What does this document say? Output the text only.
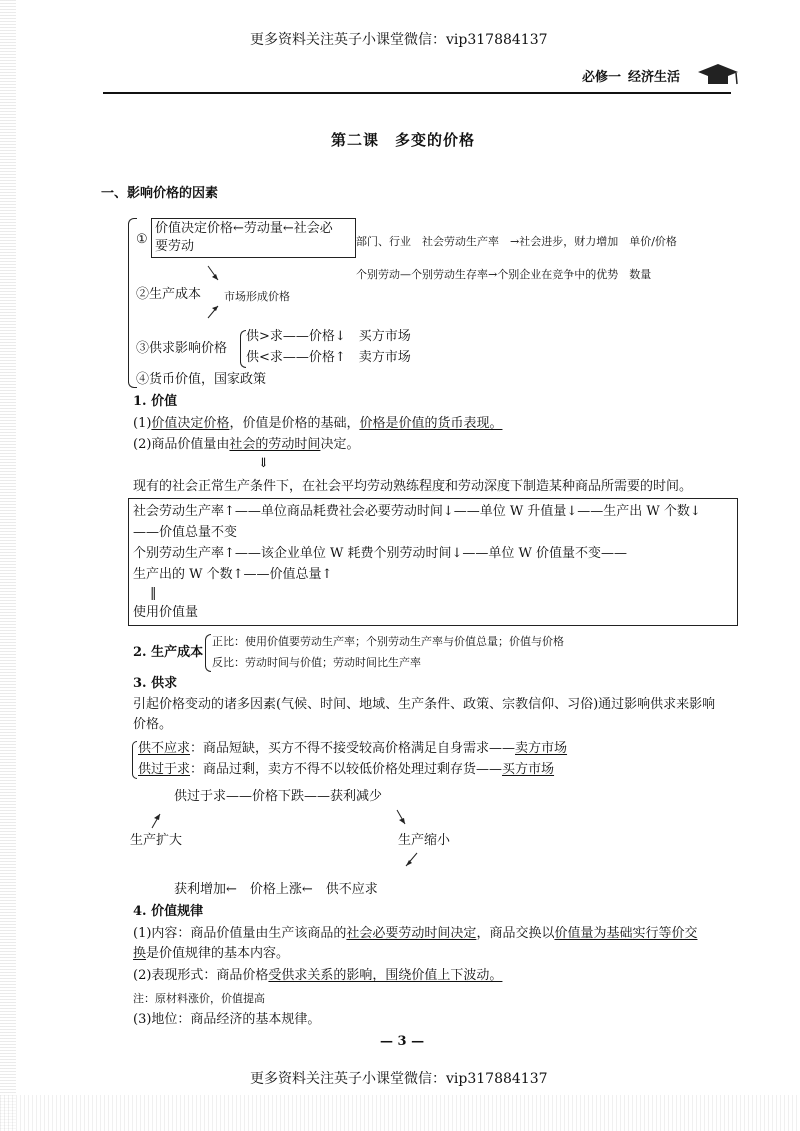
更多资料关注英子小课堂微信：vip317884137
必修一 经济生活
第二课　多变的价格
一、影响价格的因素
①
价值决定价格←劳动量←社会必
要劳动	部门、行业　社会劳动生产率　→社会进步，财力增加　单价/价格
个别劳动—个别劳动生存率→个别企业在竞争中的优势　数量
②生产成本 市场形成价格
③供求影响价格
供>求——价格↓　买方市场
供<求——价格↑　卖方市场
④货币价值，国家政策
1. 价值
(1)价值决定价格，价值是价格的基础，价格是价值的货币表现。
(2)商品价值量由社会的劳动时间决定。
⇓
现有的社会正常生产条件下，在社会平均劳动熟练程度和劳动深度下制造某种商品所需要的时间。
社会劳动生产率↑——单位商品耗费社会必要劳动时间↓——单位 W 升值量↓——生产出 W 个数↓
——价值总量不变
个别劳动生产率↑——该企业单位 W 耗费个别劳动时间↓——单位 W 价值量不变——
生产出的 W 个数↑——价值总量↑
‖
使用价值量
2. 生产成本
正比：使用价值要劳动生产率；个别劳动生产率与价值总量；价值与价格
反比：劳动时间与价值；劳动时间比生产率
3. 供求
引起价格变动的诸多因素(气候、时间、地域、生产条件、政策、宗教信仰、习俗)通过影响供求来影响
价格。
供不应求：商品短缺，买方不得不接受较高价格满足自身需求——卖方市场
供过于求：商品过剩，卖方不得不以较低价格处理过剩存货——买方市场
供过于求——价格下跌——获利减少
生产扩大	生产缩小
获利增加←　价格上涨←　供不应求
4. 价值规律
(1)内容：商品价值量由生产该商品的社会必要劳动时间决定，商品交换以价值量为基础实行等价交
换是价值规律的基本内容。
(2)表现形式：商品价格受供求关系的影响，围绕价值上下波动。
注：原材料涨价，价值提高
(3)地位：商品经济的基本规律。
— 3 —
更多资料关注英子小课堂微信：vip317884137
